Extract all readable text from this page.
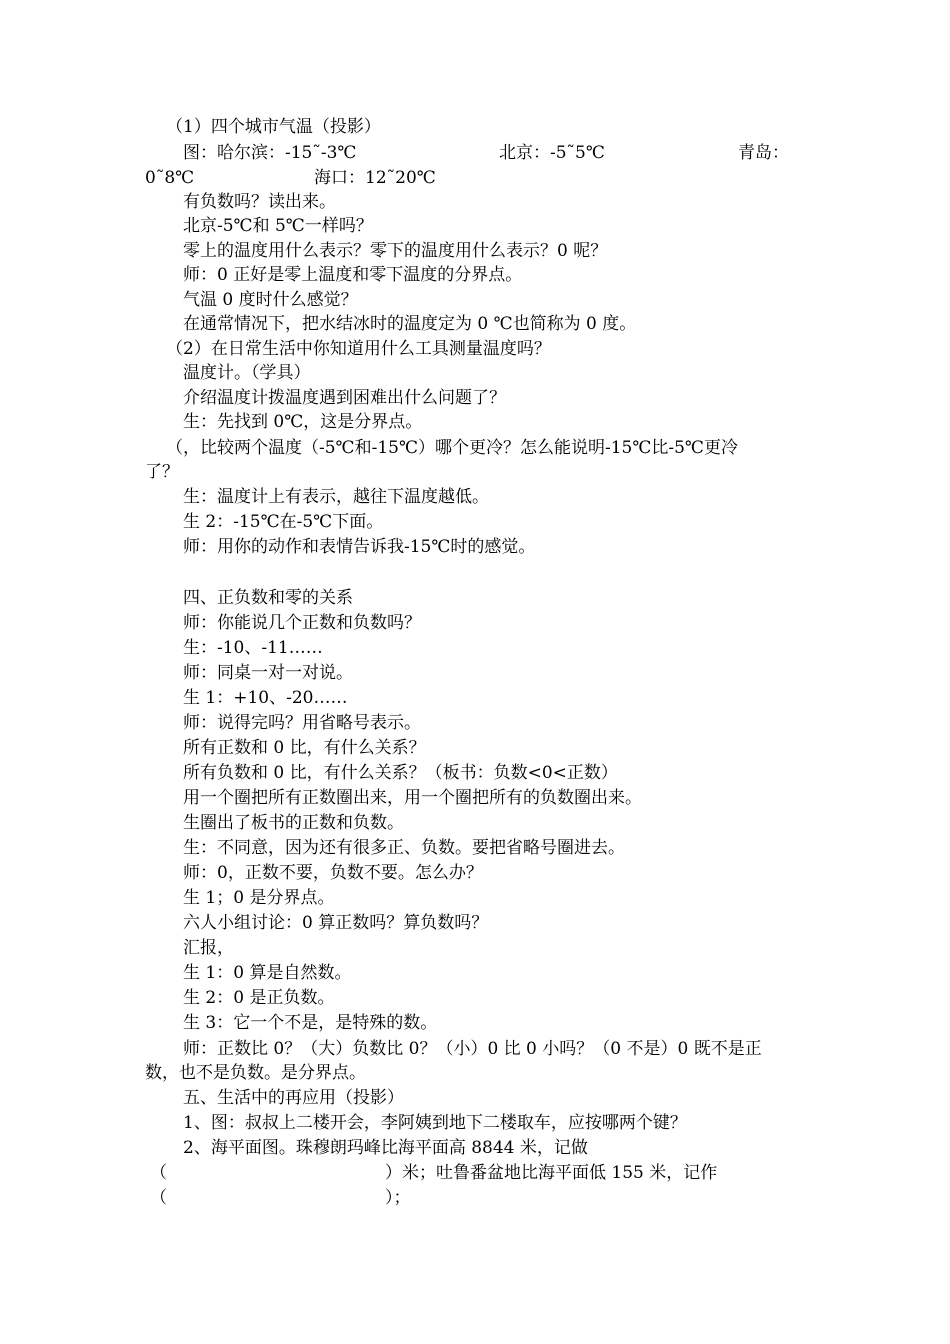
（1）四个城市气温（投影）
图：哈尔滨：-15˜-3℃	北京：-5˜5℃	青岛：
0˜8℃	海口：12˜20℃
有负数吗？读出来。
北京-5℃和 5℃一样吗？
零上的温度用什么表示？零下的温度用什么表示？0 呢？
师：0 正好是零上温度和零下温度的分界点。
气温 0 度时什么感觉？
在通常情况下，把水结冰时的温度定为 0 ℃也简称为 0 度。
（2）在日常生活中你知道用什么工具测量温度吗？
温度计。（学具）
介绍温度计拨温度遇到困难出什么问题了？
生：先找到 0℃，这是分界点。
（，比较两个温度（-5℃和-15℃）哪个更冷？怎么能说明-15℃比-5℃更冷
了？
生：温度计上有表示，越往下温度越低。
生 2：-15℃在-5℃下面。
师：用你的动作和表情告诉我-15℃时的感觉。
四、正负数和零的关系
师：你能说几个正数和负数吗？
生：-10、-11……
师：同桌一对一对说。
生 1：+10、-20……
师：说得完吗？用省略号表示。
所有正数和 0 比，有什么关系？
所有负数和 0 比，有什么关系？（板书：负数<0<正数）
用一个圈把所有正数圈出来，用一个圈把所有的负数圈出来。
生圈出了板书的正数和负数。
生：不同意，因为还有很多正、负数。要把省略号圈进去。
师：0，正数不要，负数不要。怎么办？
生 1；0 是分界点。
六人小组讨论：0 算正数吗？算负数吗？
汇报，
生 1：0 算是自然数。
生 2：0 是正负数。
生 3：它一个不是，是特殊的数。
师：正数比 0？（大）负数比 0？（小）0 比 0 小吗？（0 不是）0 既不是正
数，也不是负数。是分界点。
五、生活中的再应用（投影）
1、图：叔叔上二楼开会，李阿姨到地下二楼取车，应按哪两个键？
2、海平面图。珠穆朗玛峰比海平面高 8844 米，记做
（	）米；吐鲁番盆地比海平面低 155 米，记作
（	）；
